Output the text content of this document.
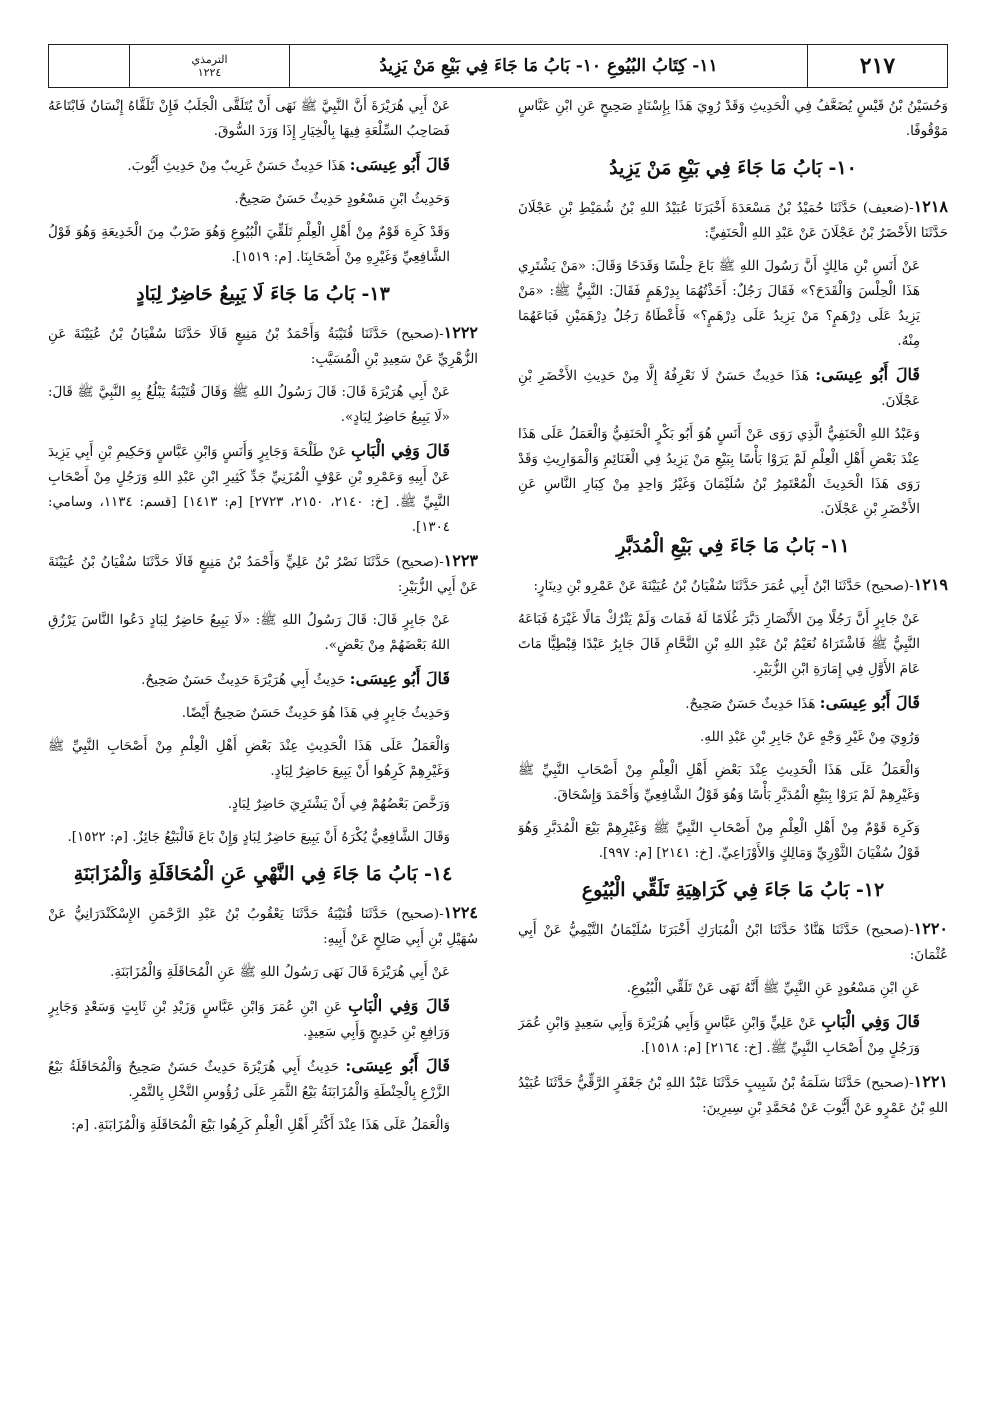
٢١٧
١١- كِتَابُ البُيُوعِ ١٠- بَابُ مَا جَاءَ فِي بَيْعِ مَنْ يَزِيدُ
الترمذي
١٢٢٤

وَحُسَيْنُ بْنُ قَيْسٍ يُضَعَّفُ فِي الْحَدِيثِ وَقَدْ رُوِيَ هَذَا بِإِسْنَادٍ صَحِيحٍ عَنِ ابْنِ عَبَّاسٍ مَوْقُوفًا.

١٠- بَابُ مَا جَاءَ فِي بَيْعِ مَنْ يَزِيدُ

١٢١٨-(ضعيف) حَدَّثَنَا حُمَيْدُ بْنُ مَسْعَدَةَ أَخْبَرَنَا عُبَيْدُ اللهِ بْنُ شُمَيْطِ بْنِ عَجْلَانَ حَدَّثَنَا الأَخْضَرُ بْنُ عَجْلَانَ عَنْ عَبْدِ اللهِ الْحَنَفِيِّ:

عَنْ أَنَسِ بْنِ مَالِكٍ أَنَّ رَسُولَ اللهِ ﷺ بَاعَ حِلْسًا وَقَدَحًا وَقَالَ: «مَنْ يَشْتَرِي هَذَا الْحِلْسَ وَالْقَدَحَ؟» فَقَالَ رَجُلٌ: أَخَذْتُهُمَا بِدِرْهَمٍ فَقَالَ: النَّبِيُّ ﷺ: «مَنْ يَزِيدُ عَلَى دِرْهَمٍ؟ مَنْ يَزِيدُ عَلَى دِرْهَمٍ؟» فَأَعْطَاهُ رَجُلٌ دِرْهَمَيْنِ فَبَاعَهُمَا مِنْهُ.

قَالَ أَبُو عِيسَى: هَذَا حَدِيثٌ حَسَنٌ لَا نَعْرِفُهُ إِلَّا مِنْ حَدِيثِ الأَخْضَرِ بْنِ عَجْلَانَ.

وَعَبْدُ اللهِ الْحَنَفِيُّ الَّذِي رَوَى عَنْ أَنَسٍ هُوَ أَبُو بَكْرٍ الْحَنَفِيُّ وَالْعَمَلُ عَلَى هَذَا عِنْدَ بَعْضِ أَهْلِ الْعِلْمِ لَمْ يَرَوْا بَأْسًا بِبَيْعِ مَنْ يَزِيدُ فِي الْغَنَائِمِ وَالْمَوَارِيثِ وَقَدْ رَوَى هَذَا الْحَدِيثَ الْمُعْتَمِرُ بْنُ سُلَيْمَانَ وَغَيْرُ وَاحِدٍ مِنْ كِبَارِ النَّاسِ عَنِ الأَخْضَرِ بْنِ عَجْلَانَ.

١١- بَابُ مَا جَاءَ فِي بَيْعِ الْمُدَبَّرِ

١٢١٩-(صحيح) حَدَّثَنَا ابْنُ أَبِي عُمَرَ حَدَّثَنَا سُفْيَانُ بْنُ عُيَيْنَةَ عَنْ عَمْرِو بْنِ دِينَارٍ:

عَنْ جَابِرٍ أَنَّ رَجُلًا مِنَ الأَنْصَارِ دَبَّرَ غُلَامًا لَهُ فَمَاتَ وَلَمْ يَتْرُكْ مَالًا غَيْرَهُ فَبَاعَهُ النَّبِيُّ ﷺ فَاشْتَرَاهُ نُعَيْمُ بْنُ عَبْدِ اللهِ بْنِ النَّحَّامِ قَالَ جَابِرٌ عَبْدًا قِبْطِيًّا مَاتَ عَامَ الأَوَّلِ فِي إِمَارَةِ ابْنِ الزُّبَيْرِ.

قَالَ أَبُو عِيسَى: هَذَا حَدِيثٌ حَسَنٌ صَحِيحٌ.

وَرُوِيَ مِنْ غَيْرِ وَجْهٍ عَنْ جَابِرِ بْنِ عَبْدِ اللهِ.

وَالْعَمَلُ عَلَى هَذَا الْحَدِيثِ عِنْدَ بَعْضِ أَهْلِ الْعِلْمِ مِنْ أَصْحَابِ النَّبِيِّ ﷺ وَغَيْرِهِمْ لَمْ يَرَوْا بِبَيْعِ الْمُدَبَّرِ بَأْسًا وَهُوَ قَوْلُ الشَّافِعِيِّ وَأَحْمَدَ وَإِسْحَاقَ.

وَكَرِهَ قَوْمٌ مِنْ أَهْلِ الْعِلْمِ مِنْ أَصْحَابِ النَّبِيِّ ﷺ وَغَيْرِهِمْ بَيْعَ الْمُدَبَّرِ وَهُوَ قَوْلُ سُفْيَانَ الثَّوْرِيِّ وَمَالِكٍ وَالأَوْزَاعِيِّ. [خ: ٢١٤١] [م: ٩٩٧].

١٢- بَابُ مَا جَاءَ فِي كَرَاهِيَةِ تَلَقِّي الْبُيُوعِ

١٢٢٠-(صحيح) حَدَّثَنَا هَنَّادٌ حَدَّثَنَا ابْنُ الْمُبَارَكِ أَخْبَرَنَا سُلَيْمَانُ التَّيْمِيُّ عَنْ أَبِي عُثْمَانَ:

عَنِ ابْنِ مَسْعُودٍ عَنِ النَّبِيِّ ﷺ أَنَّهُ نَهَى عَنْ تَلَقِّي الْبُيُوعِ.

قَالَ وَفِي الْبَابِ عَنْ عَلِيٍّ وَابْنِ عَبَّاسٍ وَأَبِي هُرَيْرَةَ وَأَبِي سَعِيدٍ وَابْنِ عُمَرَ وَرَجُلٍ مِنْ أَصْحَابِ النَّبِيِّ ﷺ. [خ: ٢١٦٤] [م: ١٥١٨].

١٢٢١-(صحيح) حَدَّثَنَا سَلَمَةُ بْنُ شَبِيبٍ حَدَّثَنَا عَبْدُ اللهِ بْنُ جَعْفَرٍ الرَّقِّيُّ حَدَّثَنَا عُبَيْدُ اللهِ بْنُ عَمْرٍو عَنْ أَيُّوبَ عَنْ مُحَمَّدِ بْنِ سِيرِينَ:

عَنْ أَبِي هُرَيْرَةَ أَنَّ النَّبِيَّ ﷺ نَهَى أَنْ يُتَلَقَّى الْجَلَبُ فَإِنْ تَلَقَّاهُ إِنْسَانٌ فَابْتَاعَهُ فَصَاحِبُ السِّلْعَةِ فِيهَا بِالْخِيَارِ إِذَا وَرَدَ السُّوقَ.

قَالَ أَبُو عِيسَى: هَذَا حَدِيثٌ حَسَنٌ غَرِيبٌ مِنْ حَدِيثِ أَيُّوبَ.

وَحَدِيثُ ابْنِ مَسْعُودٍ حَدِيثٌ حَسَنٌ صَحِيحٌ.

وَقَدْ كَرِهَ قَوْمٌ مِنْ أَهْلِ الْعِلْمِ تَلَقِّيَ الْبُيُوعِ وَهُوَ ضَرْبٌ مِنَ الْخَدِيعَةِ وَهُوَ قَوْلُ الشَّافِعِيِّ وَغَيْرِهِ مِنْ أَصْحَابِنَا. [م: ١٥١٩].

١٣- بَابُ مَا جَاءَ لَا يَبِيعُ حَاضِرٌ لِبَادٍ

١٢٢٢-(صحيح) حَدَّثَنَا قُتَيْبَةُ وَأَحْمَدُ بْنُ مَنِيعٍ قَالَا حَدَّثَنَا سُفْيَانُ بْنُ عُيَيْنَةَ عَنِ الزُّهْرِيِّ عَنْ سَعِيدِ بْنِ الْمُسَيَّبِ:

عَنْ أَبِي هُرَيْرَةَ قَالَ: قَالَ رَسُولُ اللهِ ﷺ وَقَالَ قُتَيْبَةُ يَبْلُغُ بِهِ النَّبِيَّ ﷺ قَالَ: «لَا يَبِيعُ حَاضِرٌ لِبَادٍ».

قَالَ وَفِي الْبَابِ عَنْ طَلْحَةَ وَجَابِرٍ وَأَنَسٍ وَابْنِ عَبَّاسٍ وَحَكِيمِ بْنِ أَبِي يَزِيدَ عَنْ أَبِيهِ وَعَمْرِو بْنِ عَوْفٍ الْمُزَنِيِّ جَدِّ كَثِيرِ ابْنِ عَبْدِ اللهِ وَرَجُلٍ مِنْ أَصْحَابِ النَّبِيِّ ﷺ. [خ: ٢١٤٠، ٢١٥٠، ٢٧٢٣] [م: ١٤١٣] [قسم: ١١٣٤، وسامي: ١٣٠٤].

١٢٢٣-(صحيح) حَدَّثَنَا نَصْرُ بْنُ عَلِيٍّ وَأَحْمَدُ بْنُ مَنِيعٍ قَالَا حَدَّثَنَا سُفْيَانُ بْنُ عُيَيْنَةَ عَنْ أَبِي الزُّبَيْرِ:

عَنْ جَابِرٍ قَالَ: قَالَ رَسُولُ اللهِ ﷺ: «لَا يَبِيعُ حَاضِرٌ لِبَادٍ دَعُوا النَّاسَ يَرْزُقِ اللهُ بَعْضَهُمْ مِنْ بَعْضٍ».

قَالَ أَبُو عِيسَى: حَدِيثُ أَبِي هُرَيْرَةَ حَدِيثٌ حَسَنٌ صَحِيحٌ.

وَحَدِيثُ جَابِرٍ فِي هَذَا هُوَ حَدِيثٌ حَسَنٌ صَحِيحٌ أَيْضًا.

وَالْعَمَلُ عَلَى هَذَا الْحَدِيثِ عِنْدَ بَعْضِ أَهْلِ الْعِلْمِ مِنْ أَصْحَابِ النَّبِيِّ ﷺ وَغَيْرِهِمْ كَرِهُوا أَنْ يَبِيعَ حَاضِرٌ لِبَادٍ.

وَرَخَّصَ بَعْضُهُمْ فِي أَنْ يَشْتَرِيَ حَاضِرٌ لِبَادٍ.

وَقَالَ الشَّافِعِيُّ يُكْرَهُ أَنْ يَبِيعَ حَاضِرٌ لِبَادٍ وَإِنْ بَاعَ فَالْبَيْعُ جَائِزٌ. [م: ١٥٢٢].

١٤- بَابُ مَا جَاءَ فِي النَّهْيِ عَنِ الْمُحَاقَلَةِ وَالْمُزَابَنَةِ

١٢٢٤-(صحيح) حَدَّثَنَا قُتَيْبَةُ حَدَّثَنَا يَعْقُوبُ بْنُ عَبْدِ الرَّحْمَنِ الإِسْكَنْدَرَانِيُّ عَنْ سُهَيْلِ بْنِ أَبِي صَالِحٍ عَنْ أَبِيهِ:

عَنْ أَبِي هُرَيْرَةَ قَالَ نَهَى رَسُولُ اللهِ ﷺ عَنِ الْمُحَاقَلَةِ وَالْمُزَابَنَةِ.

قَالَ وَفِي الْبَابِ عَنِ ابْنِ عُمَرَ وَابْنِ عَبَّاسٍ وَزَيْدِ بْنِ ثَابِتٍ وَسَعْدٍ وَجَابِرٍ وَرَافِعِ بْنِ خَدِيجٍ وَأَبِي سَعِيدٍ.

قَالَ أَبُو عِيسَى: حَدِيثُ أَبِي هُرَيْرَةَ حَدِيثٌ حَسَنٌ صَحِيحٌ وَالْمُحَاقَلَةُ بَيْعُ الزَّرْعِ بِالْحِنْطَةِ وَالْمُزَابَنَةُ بَيْعُ الثَّمَرِ عَلَى رُؤُوسِ النَّخْلِ بِالتَّمْرِ.

وَالْعَمَلُ عَلَى هَذَا عِنْدَ أَكْثَرِ أَهْلِ الْعِلْمِ كَرِهُوا بَيْعَ الْمُحَاقَلَةِ وَالْمُزَابَنَةِ. [م:
